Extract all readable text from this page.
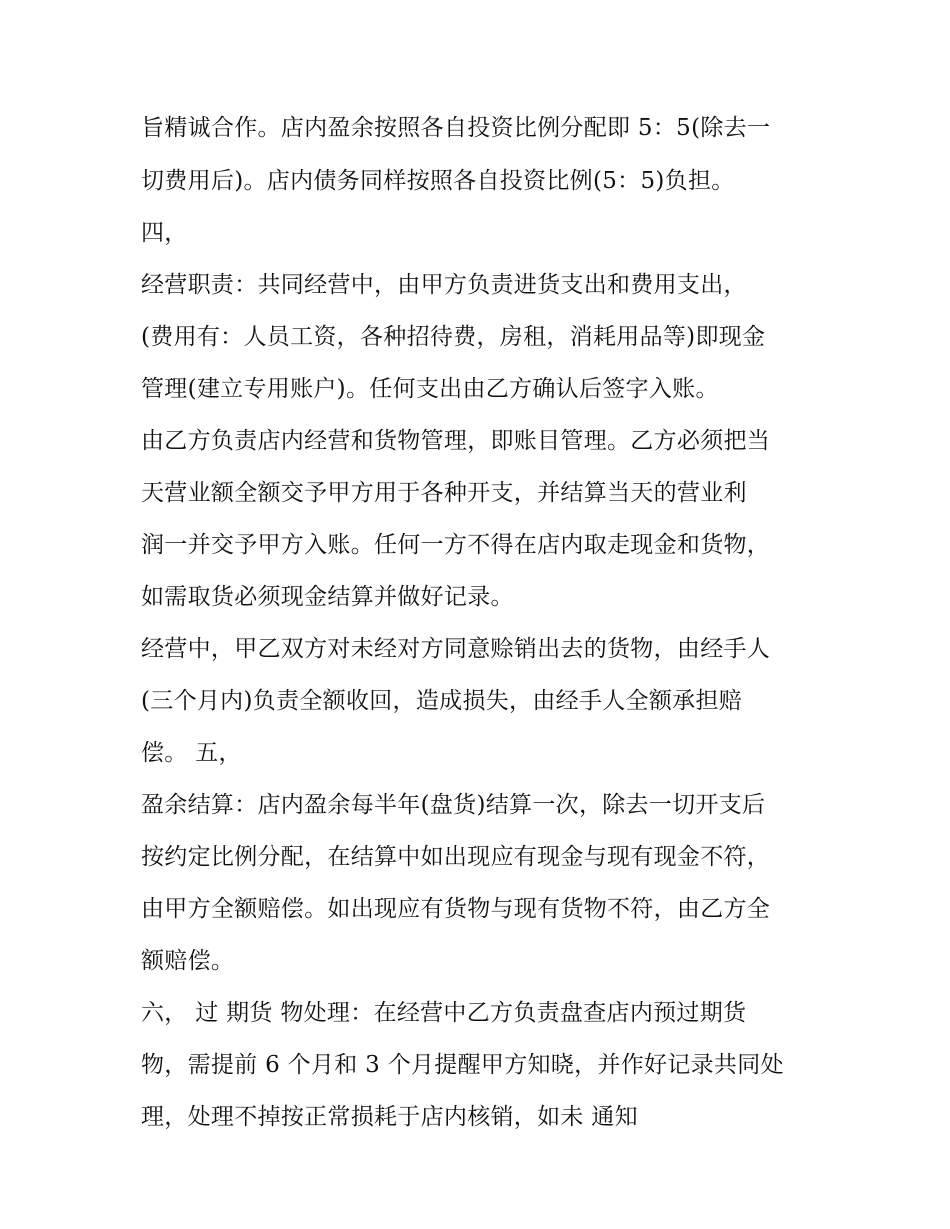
旨精诚合作。店内盈余按照各自投资比例分配即 5：5(除去一

切费用后)。店内债务同样按照各自投资比例(5：5)负担。

四，

经营职责：共同经营中，由甲方负责进货支出和费用支出，

(费用有：人员工资，各种招待费，房租，消耗用品等)即现金

管理(建立专用账户)。任何支出由乙方确认后签字入账。

由乙方负责店内经营和货物管理，即账目管理。乙方必须把当

天营业额全额交予甲方用于各种开支，并结算当天的营业利

润一并交予甲方入账。任何一方不得在店内取走现金和货物，

如需取货必须现金结算并做好记录。

经营中，甲乙双方对未经对方同意赊销出去的货物，由经手人

(三个月内)负责全额收回，造成损失，由经手人全额承担赔

偿。 五，

盈余结算：店内盈余每半年(盘货)结算一次，除去一切开支后

按约定比例分配，在结算中如出现应有现金与现有现金不符，

由甲方全额赔偿。如出现应有货物与现有货物不符，由乙方全

额赔偿。

六， 过 期货 物处理：在经营中乙方负责盘查店内预过期货

物，需提前 6 个月和 3 个月提醒甲方知晓，并作好记录共同处

理，处理不掉按正常损耗于店内核销，如未 通知
